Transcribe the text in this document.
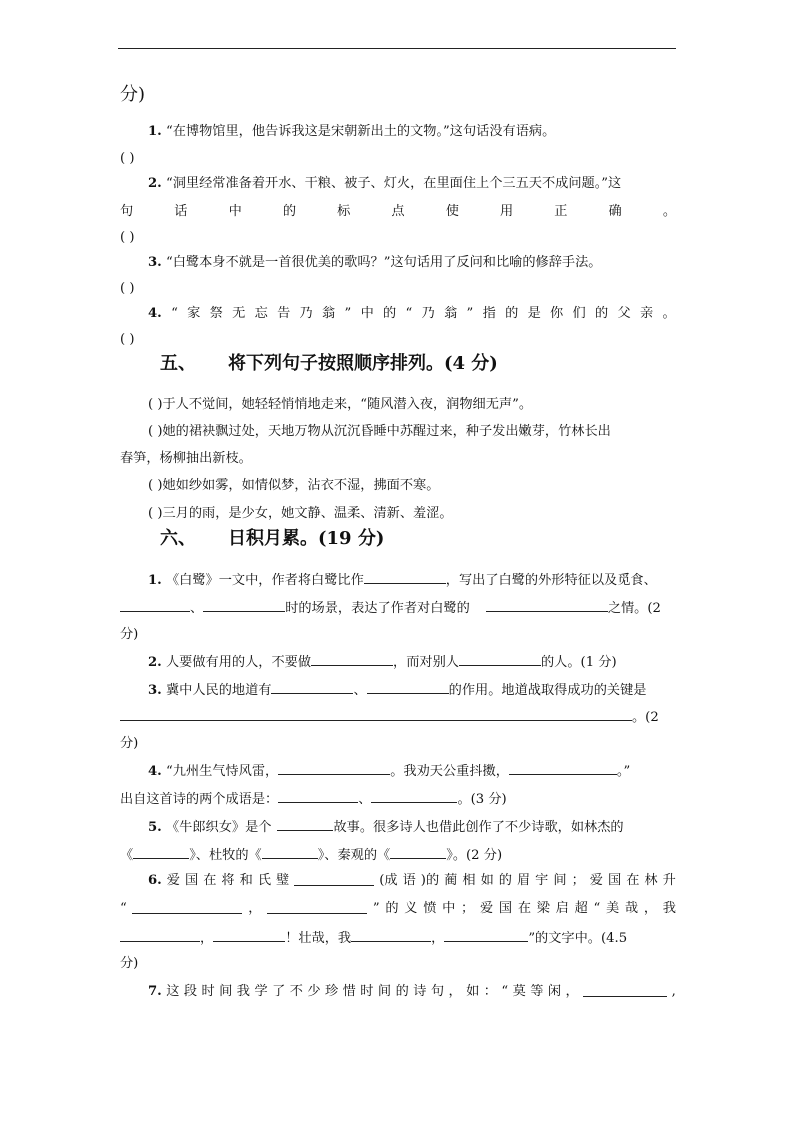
分)
1. “在博物馆里，他告诉我这是宋朝新出土的文物。”这句话没有语病。
( )
2. “洞里经常准备着开水、干粮、被子、灯火，在里面住上个三五天不成问题。”这
句	话	中	的	标	点	使	用	正	确	。
( )
3. “白鹭本身不就是一首很优美的歌吗？”这句话用了反问和比喻的修辞手法。
( )
4. “ 家 祭 无 忘 告 乃 翁 ” 中 的 “ 乃 翁 ” 指 的 是 你 们 的 父 亲 。
( )
五、 将下列句子按照顺序排列。(4 分)
( )于人不觉间，她轻轻悄悄地走来，“随风潜入夜，润物细无声”。
( )她的裙袂飘过处，天地万物从沉沉昏睡中苏醒过来，种子发出嫩芽，竹林长出
春笋，杨柳抽出新枝。
( )她如纱如雾，如情似梦，沾衣不湿，拂面不寒。
( )三月的雨，是少女，她文静、温柔、清新、羞涩。
六、 日积月累。(19 分)
1. 《白鹭》一文中，作者将白鹭比作	，写出了白鹭的外形特征以及觅食、
、	时的场景，表达了作者对白鹭的	之情。(2
分)
2. 人要做有用的人，不要做	，而对别人	的人。(1 分)
3. 冀中人民的地道有	、	的作用。地道战取得成功的关键是
。(2
分)
4. “九州生气恃风雷，	。我劝天公重抖擞，	。”
出自这首诗的两个成语是：	、	。(3 分)
5. 《牛郎织女》是个	故事。很多诗人也借此创作了不少诗歌，如林杰的
《	》、杜牧的《	》、秦观的《	》。(2 分)
6. 爱 国 在 将 和 氏 璧	(成 语 )的 蔺 相 如 的 眉 宇 间 ； 爱 国 在 林 升
“	，	” 的 义 愤 中 ； 爱 国 在 梁 启 超 “ 美 哉 ， 我
，	！壮哉，我	，	”的文字中。(4.5
分)
7. 这 段 时 间 我 学 了 不 少 珍 惜 时 间 的 诗 句 ， 如 ： “ 莫 等 闲 ，	,
